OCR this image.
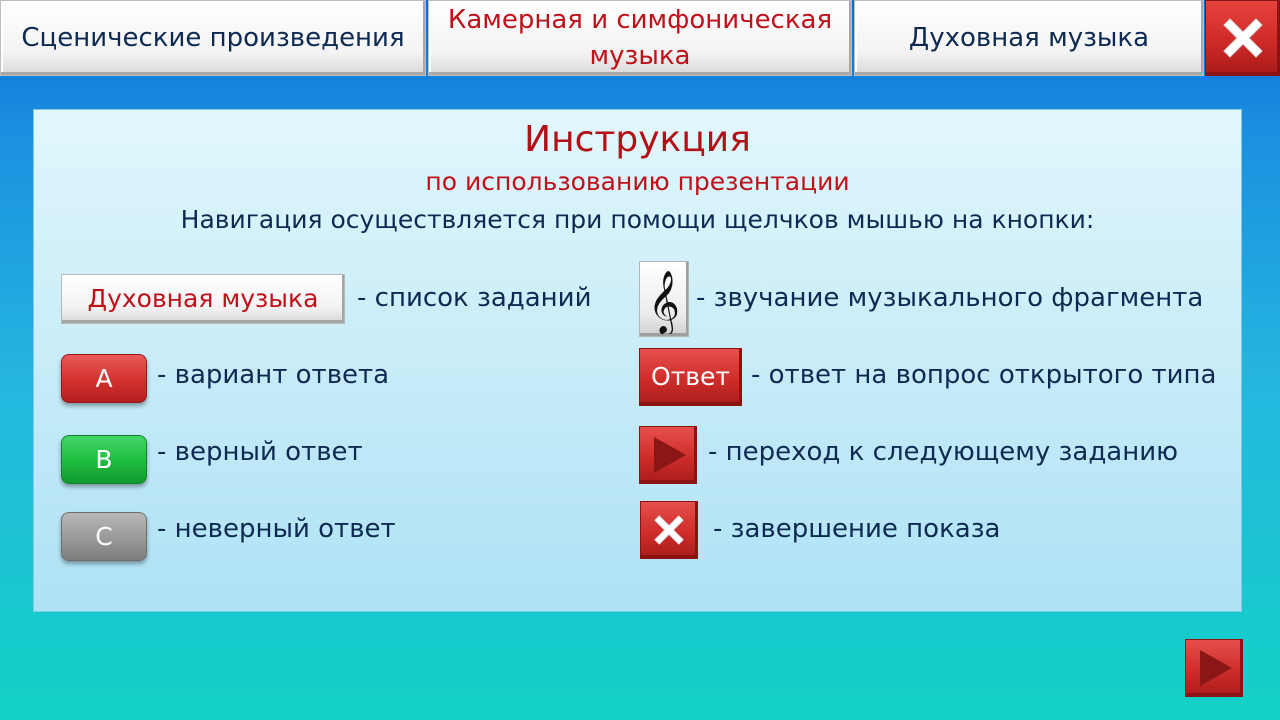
Сценические произведения
Камерная и симфоническая музыка
Духовная музыка
Инструкция
по использованию презентации
Навигация осуществляется при помощи щелчков мышью на кнопки:
Духовная музыка	- список заданий
A	- вариант ответа
B	- верный ответ
C	- неверный ответ
𝄞 - звучание музыкального фрагмента
Ответ - ответ на вопрос открытого типа
- переход к следующему заданию
- завершение показа
